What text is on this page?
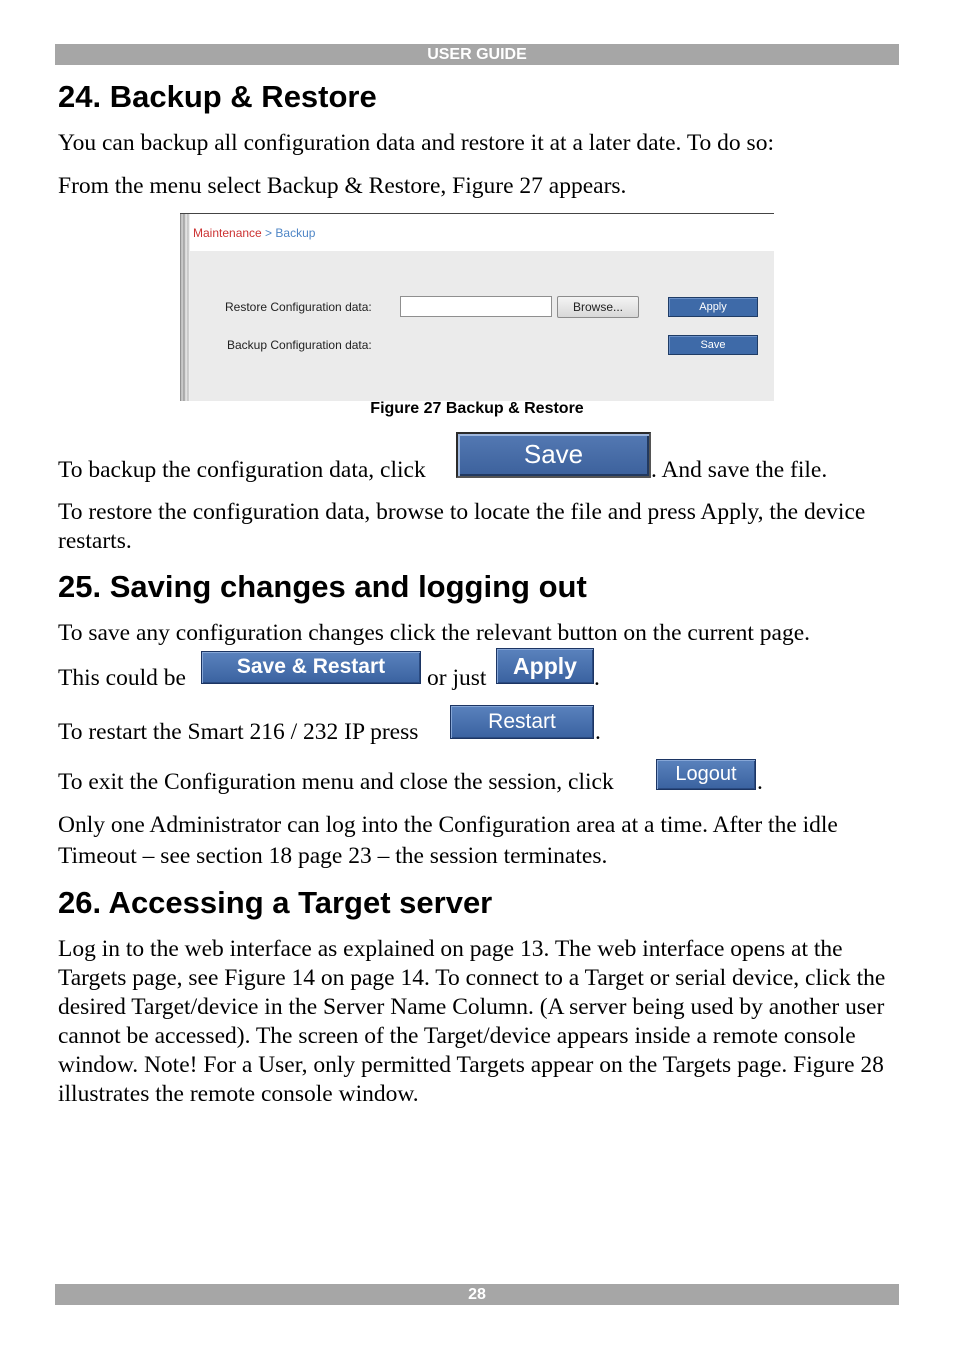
USER GUIDE
24. Backup & Restore

You can backup all configuration data and restore it at a later date. To do so:

From the menu select Backup & Restore, Figure 27 appears.

Maintenance > Backup
Restore Configuration data:	Browse...	Apply
Backup Configuration data:	Save
Figure 27 Backup & Restore

To backup the configuration data, click

Save

. And save the file.

To restore the configuration data, browse to locate the file and press Apply, the device restarts.

25. Saving changes and logging out

To save any configuration changes click the relevant button on the current page.

This could be	Save & Restart	or just	Apply .

To restart the Smart 216 / 232 IP press	Restart	.

To exit the Configuration menu and close the session, click	Logout .

Only one Administrator can log into the Configuration area at a time. After the idle

Timeout – see section 18 page 23 – the session terminates.

26. Accessing a Target server

Log in to the web interface as explained on page 13. The web interface opens at the Targets page, see Figure 14 on page 14. To connect to a Target or serial device, click the desired Target/device in the Server Name Column. (A server being used by another user cannot be accessed). The screen of the Target/device appears inside a remote console window. Note! For a User, only permitted Targets appear on the Targets page. Figure 28 illustrates the remote console window.

28
